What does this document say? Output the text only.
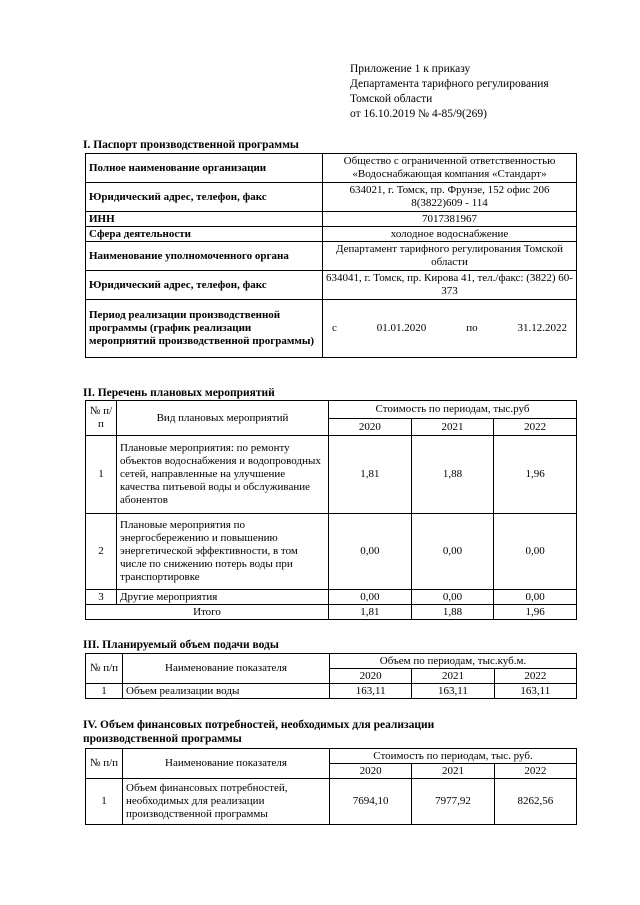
Приложение 1 к приказу
Департамента тарифного регулирования
Томской области
от 16.10.2019 № 4-85/9(269)
I. Паспорт производственной программы
Полное наименование организации	Общество с ограниченной ответственностью «Водоснабжающая компания «Стандарт»
Юридический адрес, телефон, факс	634021, г. Томск, пр. Фрунзе, 152 офис 206 8(3822)609 - 114
ИНН	7017381967
Сфера деятельности	холодное водоснабжение
Наименование уполномоченного органа	Департамент тарифного регулирования Томской области
Юридический адрес, телефон, факс	634041, г. Томск, пр. Кирова 41, тел./факс: (3822) 60-373
Период реализации производственной программы (график реализации мероприятий производственной программы)	с 01.01.2020 по 31.12.2022
II. Перечень плановых мероприятий
№ п/п	Вид плановых мероприятий	Стоимость по периодам, тыс.руб		
		2020	2021	2022
1	Плановые мероприятия: по ремонту объектов водоснабжения и водопроводных сетей, направленные на улучшение качества питьевой воды и обслуживание абонентов	1,81	1,88	1,96
2	Плановые мероприятия по энергосбережению и повышению энергетической эффективности, в том числе по снижению потерь воды при транспортировке	0,00	0,00	0,00
3	Другие мероприятия	0,00	0,00	0,00
Итого		1,81	1,88	1,96
III. Планируемый объем подачи воды
№ п/п	Наименование показателя	Объем по периодам, тыс.куб.м.		
		2020	2021	2022
1	Объем реализации воды	163,11	163,11	163,11
IV. Объем финансовых потребностей, необходимых для реализации
производственной программы
№ п/п	Наименование показателя	Стоимость по периодам, тыс. руб.		
		2020	2021	2022
1	Объем финансовых потребностей, необходимых для реализации производственной программы	7694,10	7977,92	8262,56
